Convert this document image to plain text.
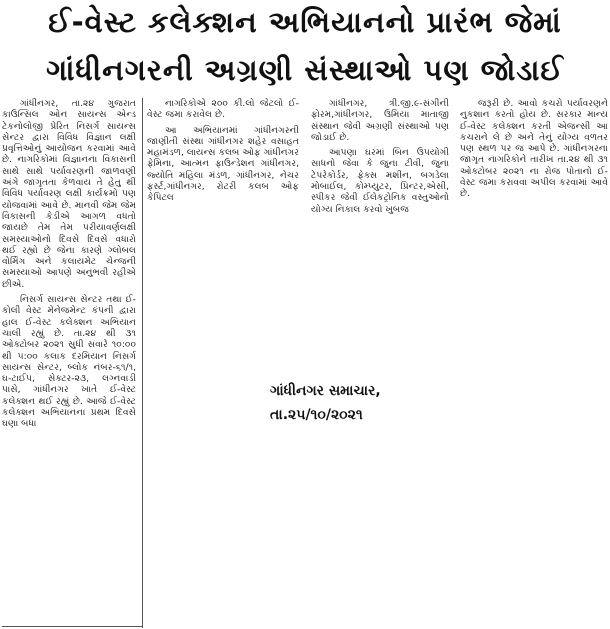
ઈ-વેસ્ટ કલેક્શન અભિયાનનો પ્રારંભ જેમાં
ગાંધીનગરની અગ્રણી સંસ્થાઓ પણ જોડાઈ

ગાંધીનગર, તા.૨૪ ગુજરાત કાઉન્સિલ ઓન સાયન્સ એન્ડ ટેકનોલોજી પ્રેરિત નિસર્ગ સાયન્સ સેન્ટર દ્વારા વિવિધ વિજ્ઞાન લક્ષી પ્રવૃત્તિઓનું આયોજન કરવામાં આવે છે. નાગરિકોમાં વિજ્ઞાનના વિકાસની સાથે સાથે પર્યાવરણની જાળવણી અંગે જાગૃતતા કેળવાય તે હેતુ થી વિવિધ પર્યાવરણ લક્ષી કાર્યક્રમો પણ યોજવામાં આવે છે. માનવી જેમ જેમ વિકાસની કેડીએ આગળ વધતો જાયછે તેમ તેમ પરીયાવર્ણલક્ષી સમસ્યાઓનો દિવસે દિવસે વધારો થઈ રહ્યો છે જેના કારણે ગ્લોબલ વોર્મિંગ અને કલાયમેટ ચેન્જની સમસ્યાઓ આપણે અનુભવી રહીએ છીએ.

નિસર્ગ સાયન્સ સેન્ટર તથા ઈ-કોલી વેસ્ટ મેનેજમેન્ટ કંપની દ્વારા હાલ ઈ-વેસ્ટ કલેક્શન અભિયાન ચાલી રહ્યું છે. તા.૨૪ થી ૩૧ ઓક્ટોબર ૨૦૨૧ સુધી સવારે ૧૦:૦૦ થી ૫:૦૦ કલાક દરમિયાન નિસર્ગ સાયન્સ સેન્ટર, બ્લોક નંબર-૬૧/૧, ઘ-ટાઈપ, સેક્ટર-૨૩, લગ્નવાડી પાસે, ગાંધીનગર ખાતે ઈ-વેસ્ટ કલેક્શન થઈ રહ્યું છે. આજે ઈ-વેસ્ટ કલેક્શન અભિયાનના પ્રથમ દિવસે ઘણા બધા

નાગરિકોએ ૨૦૦ કી.લો જેટલો ઈ-વેસ્ટ જમા કરાવેલ છે.

આ અભિયાનમાં ગાંધીનગરની જાણીતી સંસ્થા ગાંધીનગર શહેર વસાહત મહામંડળ, લાયન્સ કલબ ઓફ ગાંધીનગર ફેમિના, આત્મન ફાઉન્ડેશન ગાંધીનગર, જ્યોતિ મહિલા મંડળ, ગાંધીનગર, નેચર ફર્સ્ટ,ગાંધીનગર, રોટરી કલબ ઓફ કેપિટલ

ગાંધીનગર, ત્રી.જી.૯-સંગીની ફોરમ,ગાંધીનગર, ઉમિયા માતાજી સંસ્થાન જેવી અગ્રણી સંસ્થાઓ પણ જોડાઈ છે.

આપણા ઘરમાં બિન ઉપયોગી સાધનો જેવા કે જુના ટીવી, જુના ટેપરેકોર્ડર, ફેક્સ મશીન, બગડેલા મોબાઈલ, કોમ્પ્યુટર, પ્રિન્ટર,એસી, સ્પીકર જેવી ઈલેકટ્રોનિક વસ્તુઓનો યોગ્ય નિકાલ કરવો ખુબજ

જરૂરી છે. આવો કચરો પર્યાવરણને નુકશાન કરતો હોય છે. સરકાર માન્ય ઈ-વેસ્ટ કલેક્શન કરતી એજન્સી આ કચરાને લે છે અને તેનું યોગ્ય વળતર પણ સ્થળ પર જ આપે છે. ગાંધીનગરના જાગૃત નાગરિકોને તારીખ તા.૨૪ થી ૩૧ ઓક્ટોબર ૨૦૨૧ ના રોજ પોતાનો ઈ-વેસ્ટ જમા કરાવવા અપીલ કરવામાં આવે છે.

ગાંધીનગર સમાચાર,

તા.૨૫/૧૦/૨૦૨૧
